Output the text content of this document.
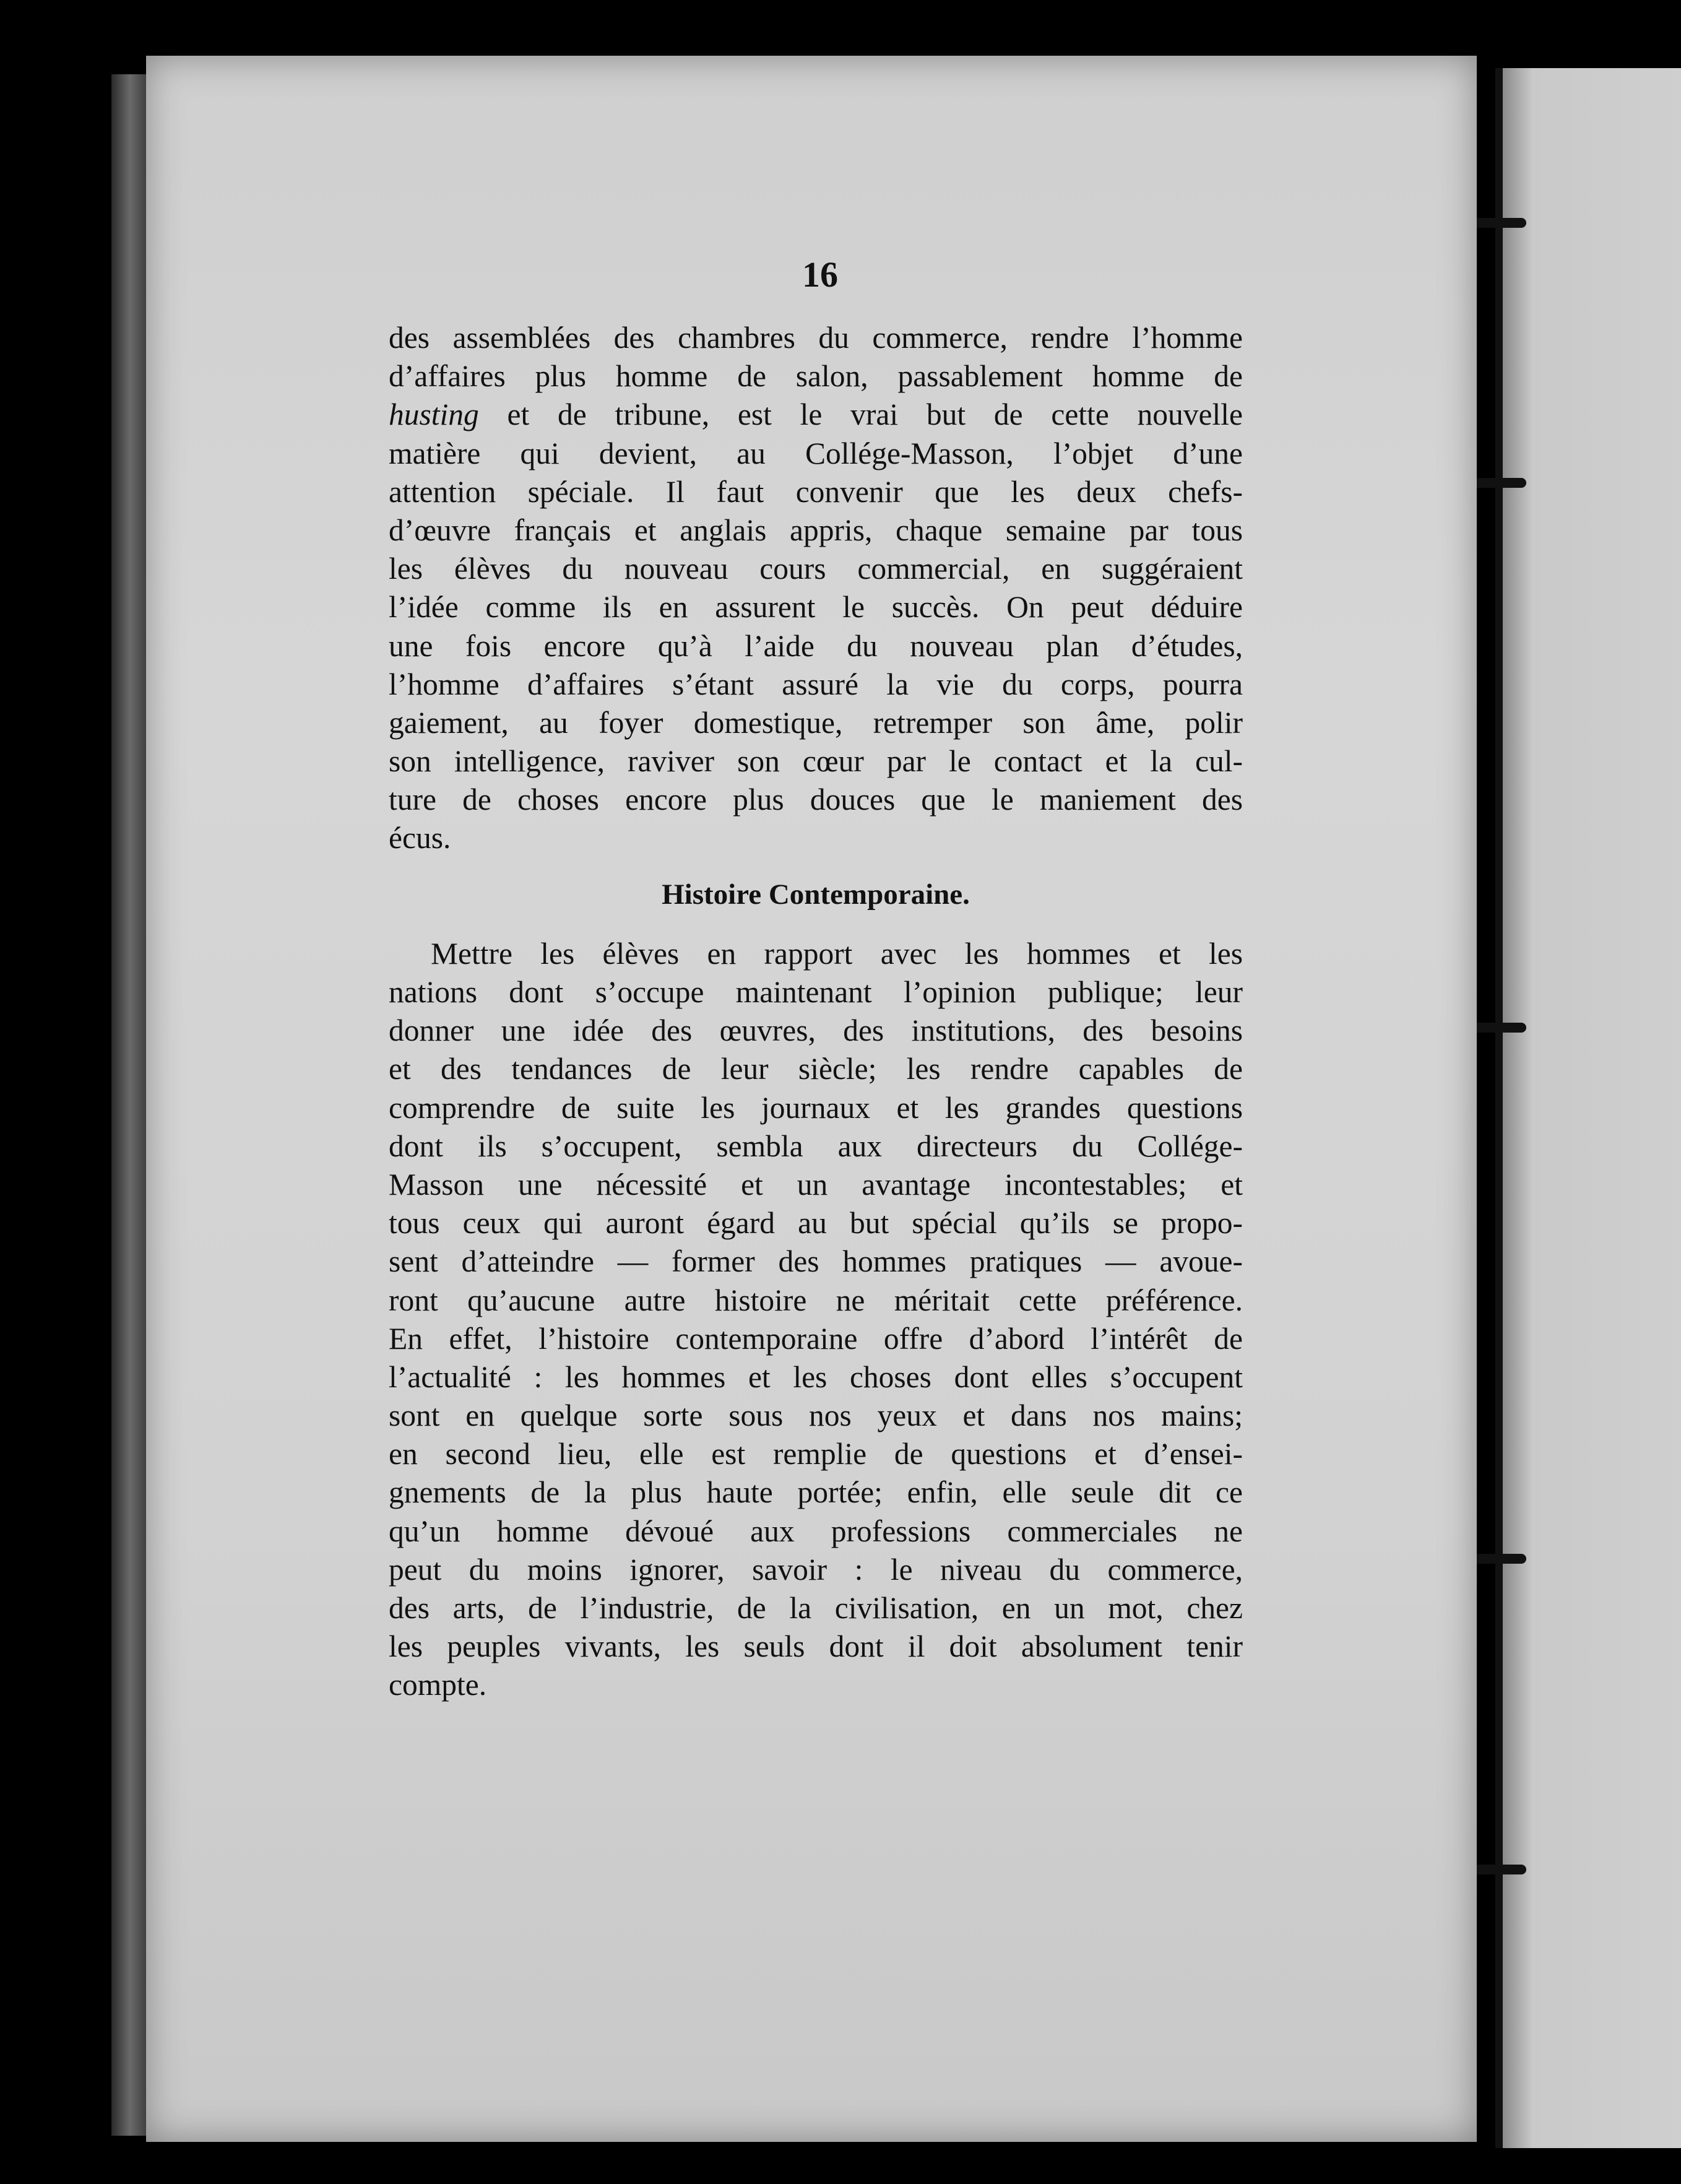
16
des assemblées des chambres du commerce, rendre l’homme
d’affaires plus homme de salon, passablement homme de
husting et de tribune, est le vrai but de cette nouvelle
matière qui devient, au Collége-Masson, l’objet d’une
attention spéciale. Il faut convenir que les deux chefs-
d’œuvre français et anglais appris, chaque semaine par tous
les élèves du nouveau cours commercial, en suggéraient
l’idée comme ils en assurent le succès. On peut déduire
une fois encore qu’à l’aide du nouveau plan d’études,
l’homme d’affaires s’étant assuré la vie du corps, pourra
gaiement, au foyer domestique, retremper son âme, polir
son intelligence, raviver son cœur par le contact et la cul-
ture de choses encore plus douces que le maniement des
écus.
Histoire Contemporaine.
Mettre les élèves en rapport avec les hommes et les
nations dont s’occupe maintenant l’opinion publique; leur
donner une idée des œuvres, des institutions, des besoins
et des tendances de leur siècle; les rendre capables de
comprendre de suite les journaux et les grandes questions
dont ils s’occupent, sembla aux directeurs du Collége-
Masson une nécessité et un avantage incontestables; et
tous ceux qui auront égard au but spécial qu’ils se propo-
sent d’atteindre — former des hommes pratiques — avoue-
ront qu’aucune autre histoire ne méritait cette préférence.
En effet, l’histoire contemporaine offre d’abord l’intérêt de
l’actualité : les hommes et les choses dont elles s’occupent
sont en quelque sorte sous nos yeux et dans nos mains;
en second lieu, elle est remplie de questions et d’ensei-
gnements de la plus haute portée; enfin, elle seule dit ce
qu’un homme dévoué aux professions commerciales ne
peut du moins ignorer, savoir : le niveau du commerce,
des arts, de l’industrie, de la civilisation, en un mot, chez
les peuples vivants, les seuls dont il doit absolument tenir
compte.
